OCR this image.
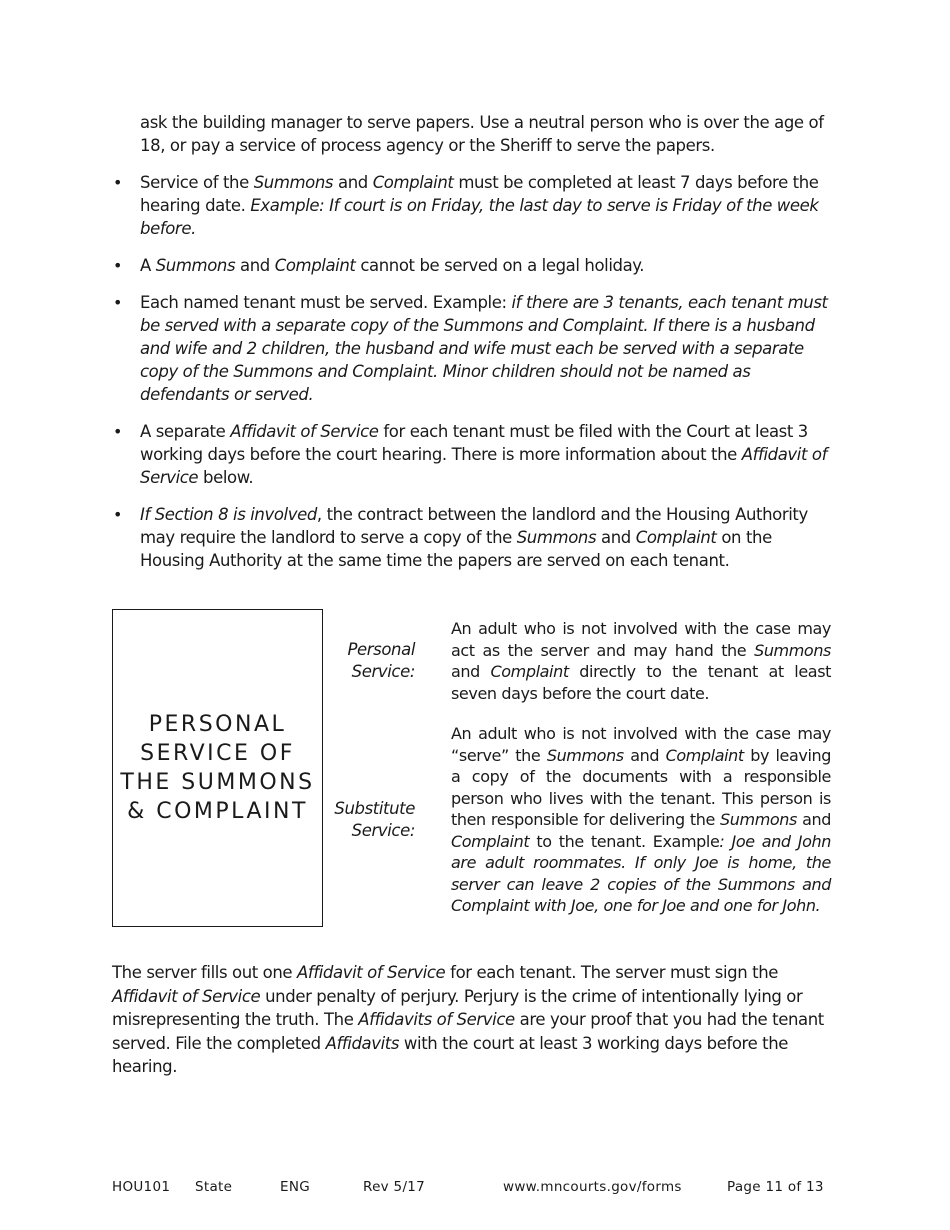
ask the building manager to serve papers. Use a neutral person who is over the age of 18, or pay a service of process agency or the Sheriff to serve the papers.

• Service of the Summons and Complaint must be completed at least 7 days before the hearing date. Example: If court is on Friday, the last day to serve is Friday of the week before.
• A Summons and Complaint cannot be served on a legal holiday.
• Each named tenant must be served. Example: if there are 3 tenants, each tenant must be served with a separate copy of the Summons and Complaint. If there is a husband and wife and 2 children, the husband and wife must each be served with a separate copy of the Summons and Complaint. Minor children should not be named as defendants or served.
• A separate Affidavit of Service for each tenant must be filed with the Court at least 3 working days before the court hearing. There is more information about the Affidavit of Service below.
• If Section 8 is involved, the contract between the landlord and the Housing Authority may require the landlord to serve a copy of the Summons and Complaint on the Housing Authority at the same time the papers are served on each tenant.
PERSONAL
SERVICE OF
THE SUMMONS
& COMPLAINT
Personal
Service:

An adult who is not involved with the case may act as the server and may hand the Summons and Complaint directly to the tenant at least seven days before the court date.

Substitute
Service:

An adult who is not involved with the case may “serve” the Summons and Complaint by leaving a copy of the documents with a responsible person who lives with the tenant. This person is then responsible for delivering the Summons and Complaint to the tenant. Example: Joe and John are adult roommates. If only Joe is home, the server can leave 2 copies of the Summons and Complaint with Joe, one for Joe and one for John.

The server fills out one Affidavit of Service for each tenant. The server must sign the Affidavit of Service under penalty of perjury. Perjury is the crime of intentionally lying or misrepresenting the truth. The Affidavits of Service are your proof that you had the tenant served. File the completed Affidavits with the court at least 3 working days before the hearing.

HOU101 State	ENG	Rev 5/17	www.mncourts.gov/forms	Page 11 of 13
